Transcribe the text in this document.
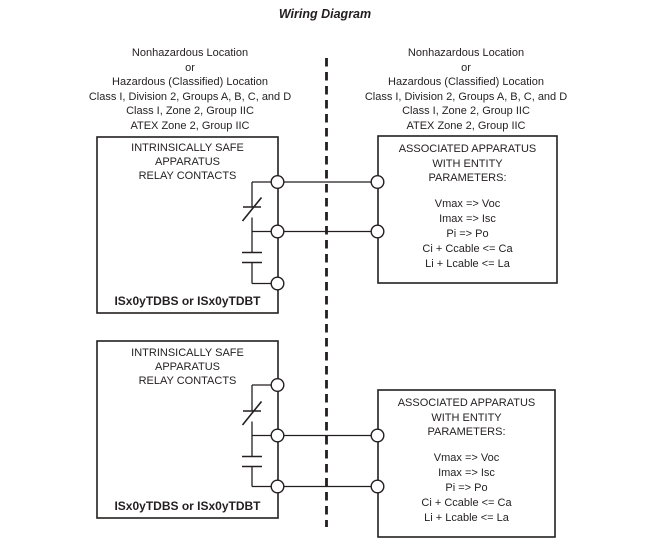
Wiring Diagram
Nonhazardous Location
or
Hazardous (Classified) Location
Class I, Division 2, Groups A, B, C, and D
Class I, Zone 2, Group IIC
ATEX Zone 2, Group IIC
Nonhazardous Location
or
Hazardous (Classified) Location
Class I, Division 2, Groups A, B, C, and D
Class I, Zone 2, Group IIC
ATEX Zone 2, Group IIC
INTRINSICALLY SAFE
APPARATUS
RELAY CONTACTS
ISx0yTDBS or ISx0yTDBT
ASSOCIATED APPARATUS
WITH ENTITY
PARAMETERS:
Vmax => Voc
Imax => Isc
Pi => Po
Ci + Ccable <= Ca
Li + Lcable <= La
INTRINSICALLY SAFE
APPARATUS
RELAY CONTACTS
ISx0yTDBS or ISx0yTDBT
ASSOCIATED APPARATUS
WITH ENTITY
PARAMETERS:
Vmax => Voc
Imax => Isc
Pi => Po
Ci + Ccable <= Ca
Li + Lcable <= La
